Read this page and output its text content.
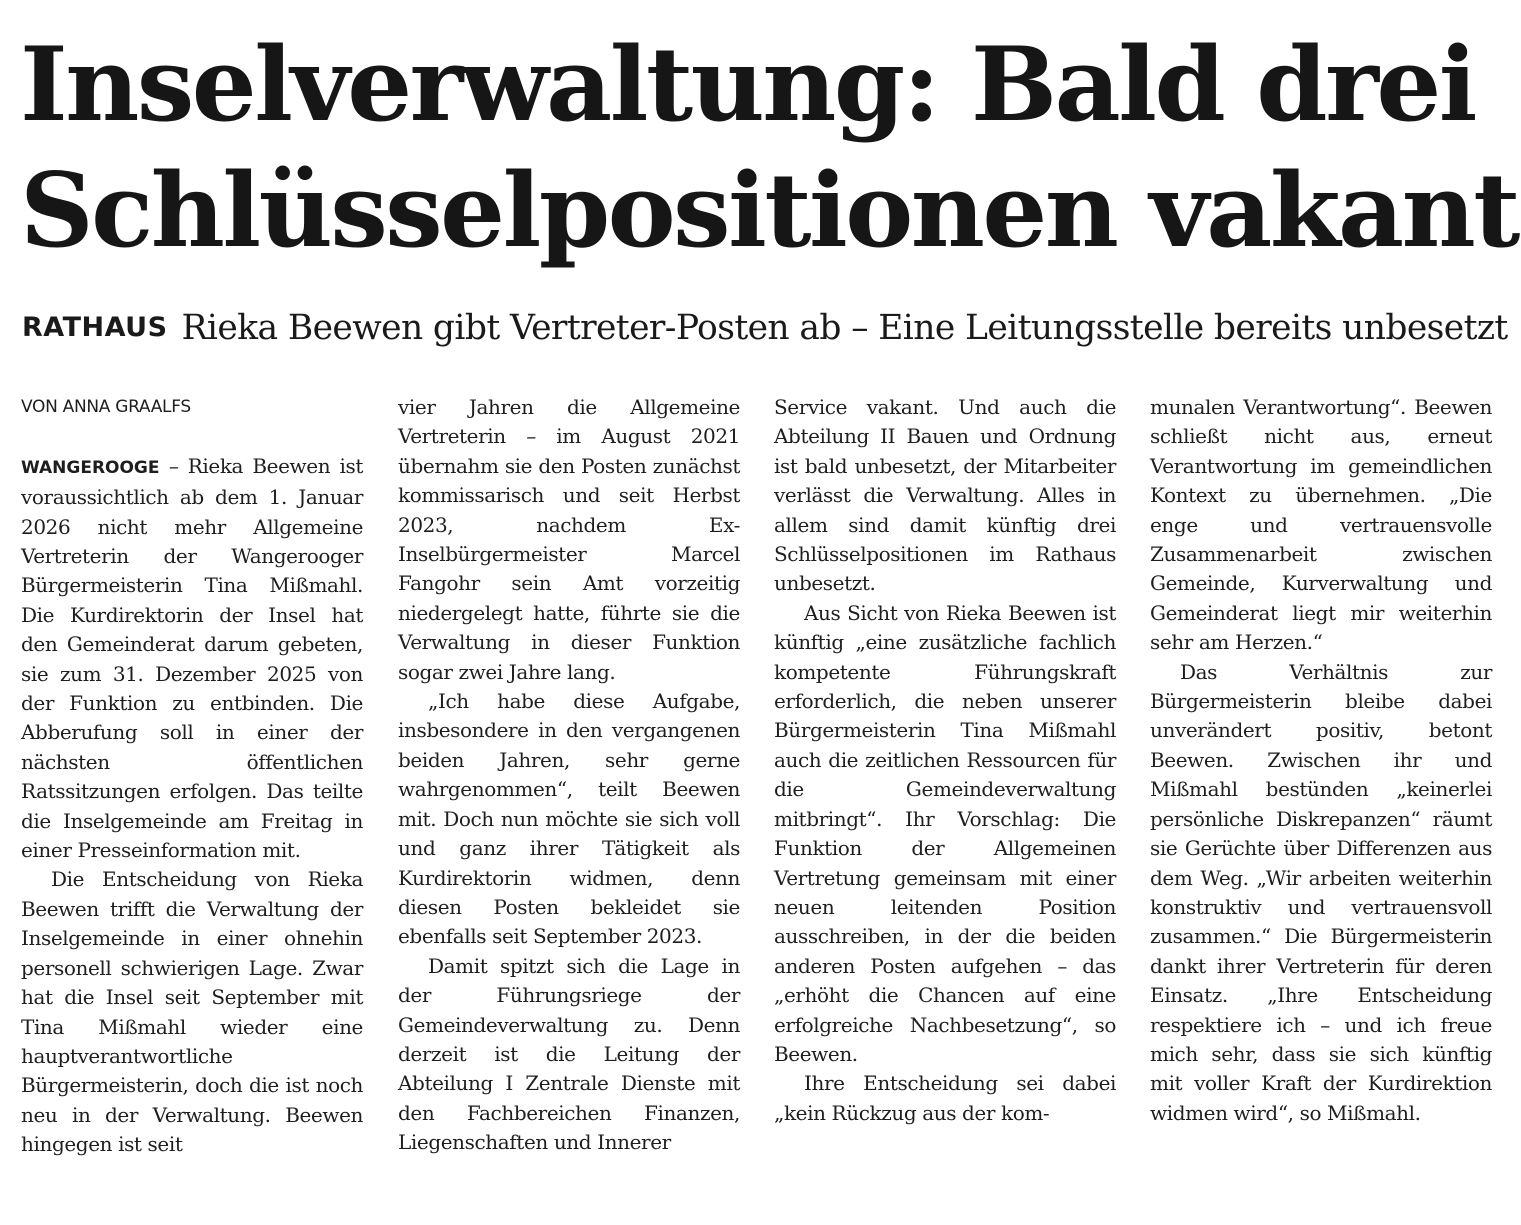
Inselverwaltung: Bald drei
Schlüsselpositionen vakant
RATHAUS Rieka Beewen gibt Vertreter-Posten ab – Eine Leitungsstelle bereits unbesetzt

VON ANNA GRAALFS

WANGEROOGE – Rieka Beewen ist voraussichtlich ab dem 1. Januar 2026 nicht mehr Allgemeine Vertreterin der Wangerooger Bürgermeisterin Tina Mißmahl. Die Kurdirektorin der Insel hat den Gemeinderat darum gebeten, sie zum 31. Dezember 2025 von der Funktion zu entbinden. Die Abberufung soll in einer der nächsten öffentlichen Ratssitzungen erfolgen. Das teilte die Inselgemeinde am Freitag in einer Presseinformation mit.

Die Entscheidung von Rieka Beewen trifft die Verwaltung der Inselgemeinde in einer ohnehin personell schwierigen Lage. Zwar hat die Insel seit September mit Tina Mißmahl wieder eine hauptverantwortliche Bürgermeisterin, doch die ist noch neu in der Verwaltung. Beewen hingegen ist seit

vier Jahren die Allgemeine Vertreterin – im August 2021 übernahm sie den Posten zunächst kommissarisch und seit Herbst 2023, nachdem Ex-Inselbürgermeister Marcel Fangohr sein Amt vorzeitig niedergelegt hatte, führte sie die Verwaltung in dieser Funktion sogar zwei Jahre lang.

„Ich habe diese Aufgabe, insbesondere in den vergangenen beiden Jahren, sehr gerne wahrgenommen“, teilt Beewen mit. Doch nun möchte sie sich voll und ganz ihrer Tätigkeit als Kurdirektorin widmen, denn diesen Posten bekleidet sie ebenfalls seit September 2023.

Damit spitzt sich die Lage in der Führungsriege der Gemeindeverwaltung zu. Denn derzeit ist die Leitung der Abteilung I Zentrale Dienste mit den Fachbereichen Finanzen, Liegenschaften und Innerer

Service vakant. Und auch die Abteilung II Bauen und Ordnung ist bald unbesetzt, der Mitarbeiter verlässt die Verwaltung. Alles in allem sind damit künftig drei Schlüsselpositionen im Rathaus unbesetzt.

Aus Sicht von Rieka Beewen ist künftig „eine zusätzliche fachlich kompetente Führungskraft erforderlich, die neben unserer Bürgermeisterin Tina Mißmahl auch die zeitlichen Ressourcen für die Gemeindeverwaltung mitbringt“. Ihr Vorschlag: Die Funktion der Allgemeinen Vertretung gemeinsam mit einer neuen leitenden Position ausschreiben, in der die beiden anderen Posten aufgehen – das „erhöht die Chancen auf eine erfolgreiche Nachbesetzung“, so Beewen.

Ihre Entscheidung sei dabei „kein Rückzug aus der kom-

munalen Verantwortung“. Beewen schließt nicht aus, erneut Verantwortung im gemeindlichen Kontext zu übernehmen. „Die enge und vertrauensvolle Zusammenarbeit zwischen Gemeinde, Kurverwaltung und Gemeinderat liegt mir weiterhin sehr am Herzen.“

Das Verhältnis zur Bürgermeisterin bleibe dabei unverändert positiv, betont Beewen. Zwischen ihr und Mißmahl bestünden „keinerlei persönliche Diskrepanzen“ räumt sie Gerüchte über Differenzen aus dem Weg. „Wir arbeiten weiterhin konstruktiv und vertrauensvoll zusammen.“ Die Bürgermeisterin dankt ihrer Vertreterin für deren Einsatz. „Ihre Entscheidung respektiere ich – und ich freue mich sehr, dass sie sich künftig mit voller Kraft der Kurdirektion widmen wird“, so Mißmahl.
